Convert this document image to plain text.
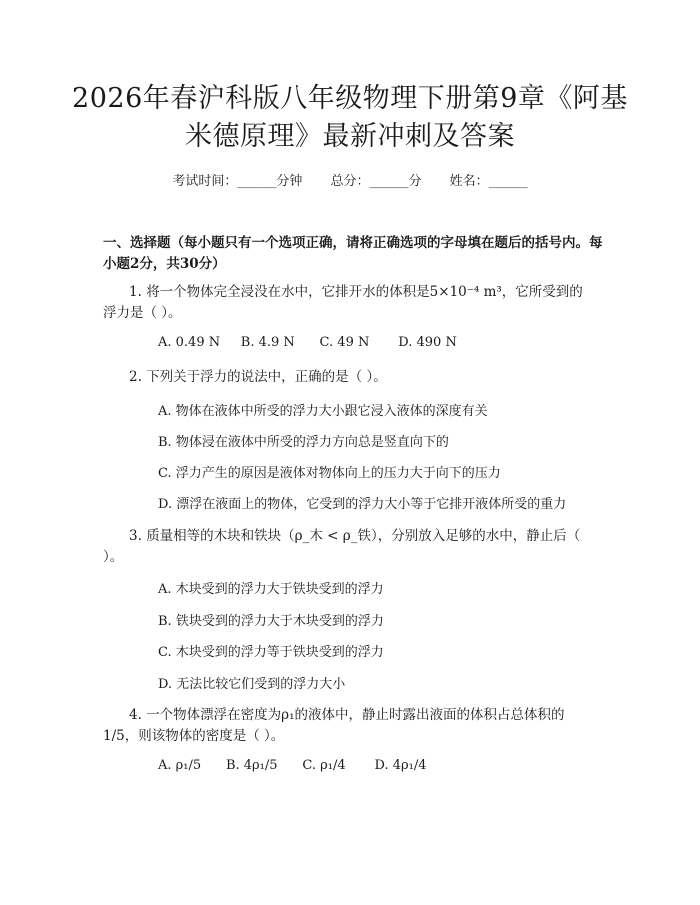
2026年春沪科版八年级物理下册第9章《阿基米德原理》最新冲刺及答案
考试时间：______分钟 总分：______分 姓名：______
一、选择题（每小题只有一个选项正确，请将正确选项的字母填在题后的括号内。每小题2分，共30分）
1. 将一个物体完全浸没在水中，它排开水的体积是5×10⁻⁴ m³，它所受到的浮力是（ ）。
A. 0.49 N     B. 4.9 N      C. 49 N       D. 490 N
2. 下列关于浮力的说法中，正确的是（ ）。
A. 物体在液体中所受的浮力大小跟它浸入液体的深度有关
B. 物体浸在液体中所受的浮力方向总是竖直向下的
C. 浮力产生的原因是液体对物体向上的压力大于向下的压力
D. 漂浮在液面上的物体，它受到的浮力大小等于它排开液体所受的重力
3. 质量相等的木块和铁块（ρ_木 < ρ_铁），分别放入足够的水中，静止后（ ）。
A. 木块受到的浮力大于铁块受到的浮力
B. 铁块受到的浮力大于木块受到的浮力
C. 木块受到的浮力等于铁块受到的浮力
D. 无法比较它们受到的浮力大小
4. 一个物体漂浮在密度为ρ₁的液体中，静止时露出液面的体积占总体积的1/5，则该物体的密度是（ ）。
A. ρ₁/5      B. 4ρ₁/5      C. ρ₁/4       D. 4ρ₁/4
